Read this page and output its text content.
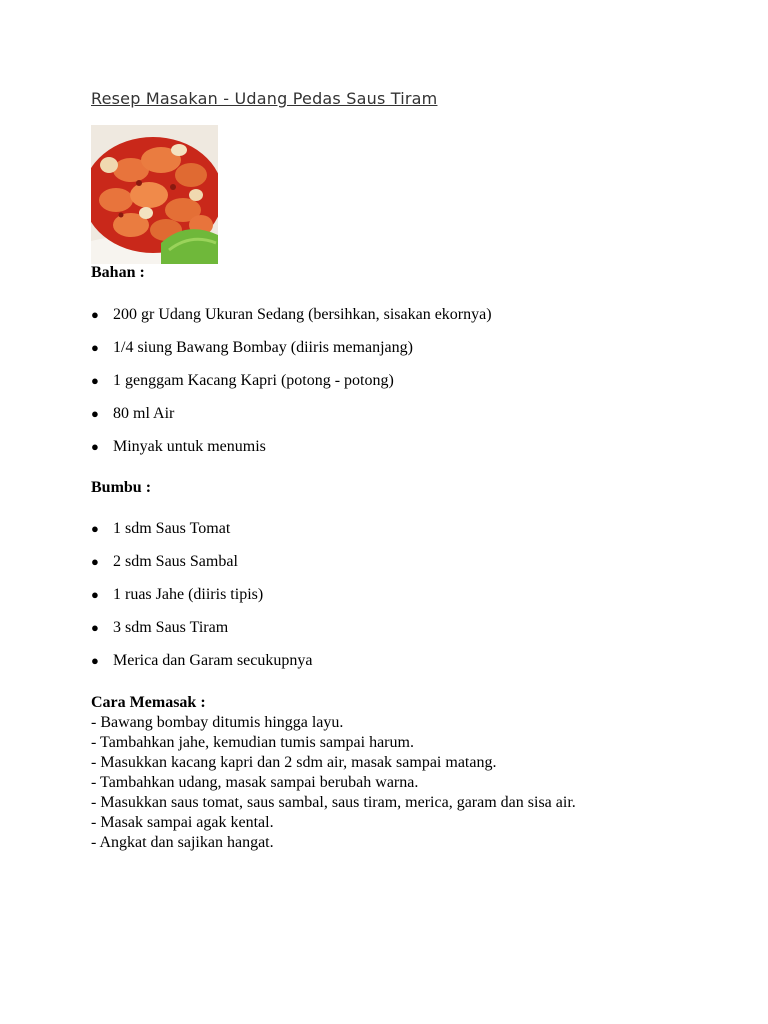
Resep Masakan - Udang Pedas Saus Tiram
Bahan :
● 200 gr Udang Ukuran Sedang (bersihkan, sisakan ekornya)
● 1/4 siung Bawang Bombay (diiris memanjang)
● 1 genggam Kacang Kapri (potong - potong)
● 80 ml Air
● Minyak untuk menumis
Bumbu :
● 1 sdm Saus Tomat
● 2 sdm Saus Sambal
● 1 ruas Jahe (diiris tipis)
● 3 sdm Saus Tiram
● Merica dan Garam secukupnya
Cara Memasak :
- Bawang bombay ditumis hingga layu.
- Tambahkan jahe, kemudian tumis sampai harum.
- Masukkan kacang kapri dan 2 sdm air, masak sampai matang.
- Tambahkan udang, masak sampai berubah warna.
- Masukkan saus tomat, saus sambal, saus tiram, merica, garam dan sisa air.
- Masak sampai agak kental.
- Angkat dan sajikan hangat.
